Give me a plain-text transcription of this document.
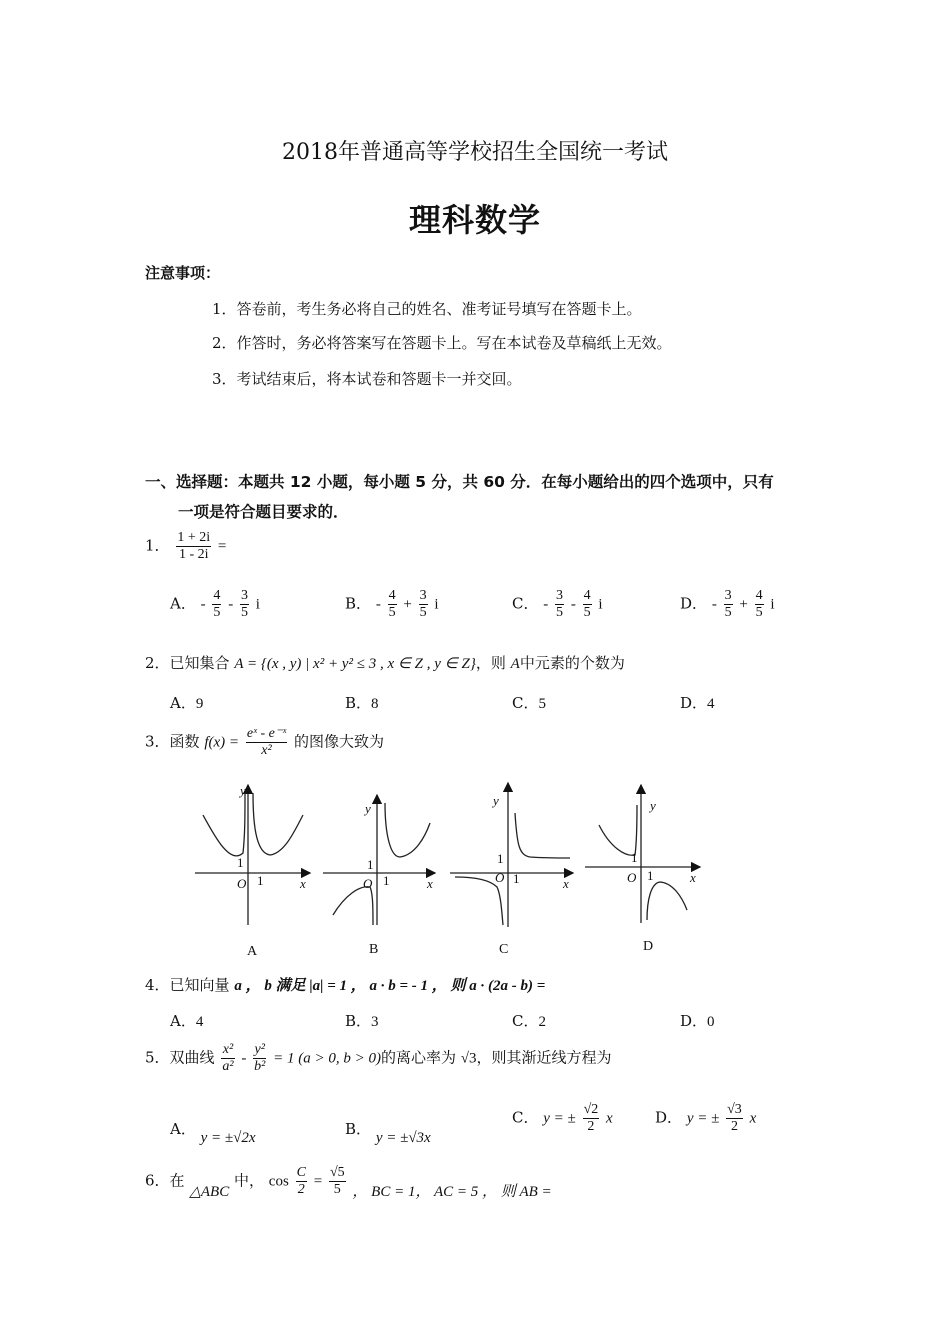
2018年普通高等学校招生全国统一考试
理科数学
注意事项：
1．答卷前，考生务必将自己的姓名、准考证号填写在答题卡上。
2．作答时，务必将答案写在答题卡上。写在本试卷及草稿纸上无效。
3．考试结束后，将本试卷和答题卡一并交回。
一、选择题：本题共 12 小题，每小题 5 分，共 60 分．在每小题给出的四个选项中，只有
一项是符合题目要求的．
1． $\frac{1 + 2i}{1 - 2i}$ =
A． - $\frac{4}{5} - \frac{3}{5}$ i	B． - $\frac{4}{5} + \frac{3}{5}$ i	C． - $\frac{3}{5} - \frac{4}{5}$ i	D． - $\frac{3}{5} + \frac{4}{5}$ i
2．已知集合 A = {(x , y) | x² + y² ≤ 3 , x ∈ Z , y ∈ Z}，则 A中元素的个数为
A．9	B．8	C．5	D．4
3．函数 $f(x) = \frac{\text{eˣ - e⁻ˣ}}{\text{x²}}$ 的图像大致为
y
x
O
1
1
y
x
O
1
1
y
x
O
1
1
y
x
O
1
1
A	B	C	D
4．已知向量 a ， b 满足 |a| = 1 ， a · b = - 1 ， 则 a · (2a - b) =
A．4	B．3	C．2	D．0
5．双曲线 $\frac{\text{x²}}{\text{a²}} - \frac{\text{y²}}{\text{b²}} = 1$ (a > 0, b > 0)的离心率为 √3，则其渐近线方程为
A． y = ±√2x	B． y = ±√3x
C． y = ± $\frac{√2}{2}$ x	D． y = ± $\frac{√3}{2}$ x
6．在 △ABC 中， $\cos \frac{C}{2} = \frac{√5}{5}$ ， BC = 1， AC = 5 ， 则 AB =
